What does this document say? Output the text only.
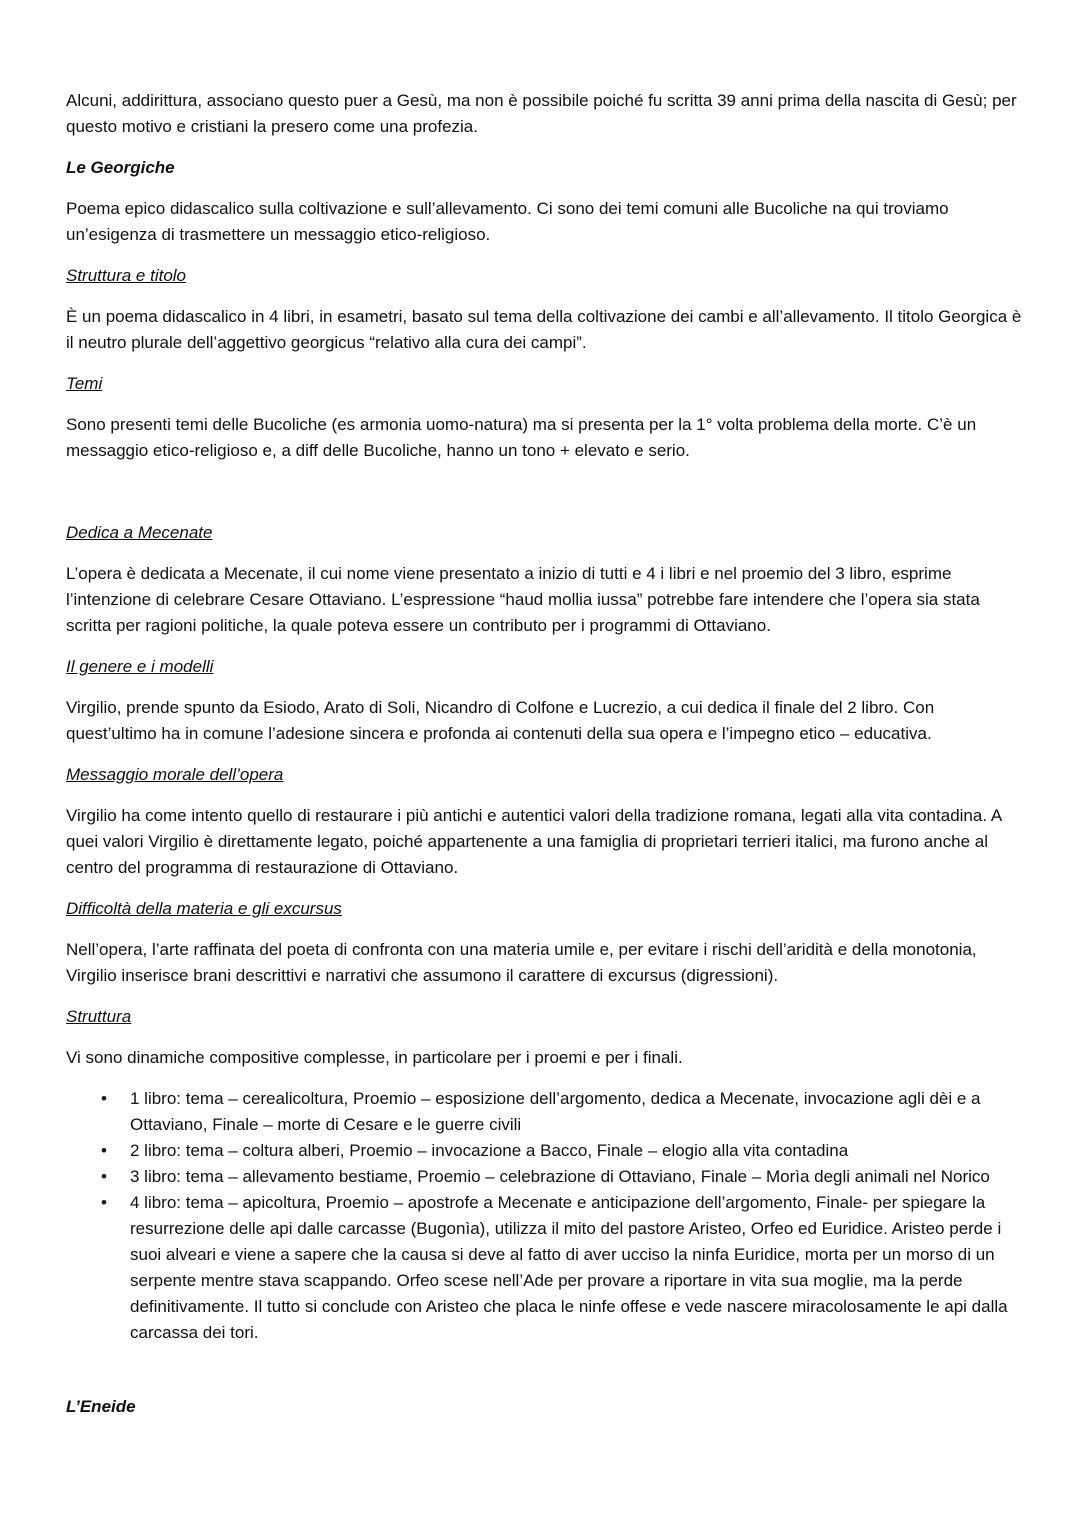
Alcuni, addirittura, associano questo puer a Gesù, ma non è possibile poiché fu scritta 39 anni prima della nascita di Gesù; per questo motivo e cristiani la presero come una profezia.

Le Georgiche

Poema epico didascalico sulla coltivazione e sull’allevamento. Ci sono dei temi comuni alle Bucoliche na qui troviamo un’esigenza di trasmettere un messaggio etico-religioso.

Struttura e titolo

È un poema didascalico in 4 libri, in esametri, basato sul tema della coltivazione dei cambi e all’allevamento. Il titolo Georgica è il neutro plurale dell’aggettivo georgicus “relativo alla cura dei campi”.

Temi

Sono presenti temi delle Bucoliche (es armonia uomo-natura) ma si presenta per la 1° volta problema della morte. C’è un messaggio etico-religioso e, a diff delle Bucoliche, hanno un tono + elevato e serio.

Dedica a Mecenate

L’opera è dedicata a Mecenate, il cui nome viene presentato a inizio di tutti e 4 i libri e nel proemio del 3 libro, esprime l’intenzione di celebrare Cesare Ottaviano. L’espressione “haud mollia iussa” potrebbe fare intendere che l’opera sia stata scritta per ragioni politiche, la quale poteva essere un contributo per i programmi di Ottaviano.

Il genere e i modelli

Virgilio, prende spunto da Esiodo, Arato di Soli, Nicandro di Colfone e Lucrezio, a cui dedica il finale del 2 libro. Con quest’ultimo ha in comune l’adesione sincera e profonda ai contenuti della sua opera e l’impegno etico – educativa.

Messaggio morale dell’opera

Virgilio ha come intento quello di restaurare i più antichi e autentici valori della tradizione romana, legati alla vita contadina. A quei valori Virgilio è direttamente legato, poiché appartenente a una famiglia di proprietari terrieri italici, ma furono anche al centro del programma di restaurazione di Ottaviano.

Difficoltà della materia e gli excursus

Nell’opera, l’arte raffinata del poeta di confronta con una materia umile e, per evitare i rischi dell’aridità e della monotonia, Virgilio inserisce brani descrittivi e narrativi che assumono il carattere di excursus (digressioni).

Struttura

Vi sono dinamiche compositive complesse, in particolare per i proemi e per i finali.

• 1 libro: tema – cerealicoltura, Proemio – esposizione dell’argomento, dedica a Mecenate, invocazione agli dèi e a Ottaviano, Finale – morte di Cesare e le guerre civili
• 2 libro: tema – coltura alberi, Proemio – invocazione a Bacco, Finale – elogio alla vita contadina
• 3 libro: tema – allevamento bestiame, Proemio – celebrazione di Ottaviano, Finale – Morìa degli animali nel Norico
• 4 libro: tema – apicoltura, Proemio – apostrofe a Mecenate e anticipazione dell’argomento, Finale- per spiegare la resurrezione delle api dalle carcasse (Bugonìa), utilizza il mito del pastore Aristeo, Orfeo ed Euridice. Aristeo perde i suoi alveari e viene a sapere che la causa si deve al fatto di aver ucciso la ninfa Euridice, morta per un morso di un serpente mentre stava scappando. Orfeo scese nell’Ade per provare a riportare in vita sua moglie, ma la perde definitivamente. Il tutto si conclude con Aristeo che placa le ninfe offese e vede nascere miracolosamente le api dalla carcassa dei tori.

L’Eneide
